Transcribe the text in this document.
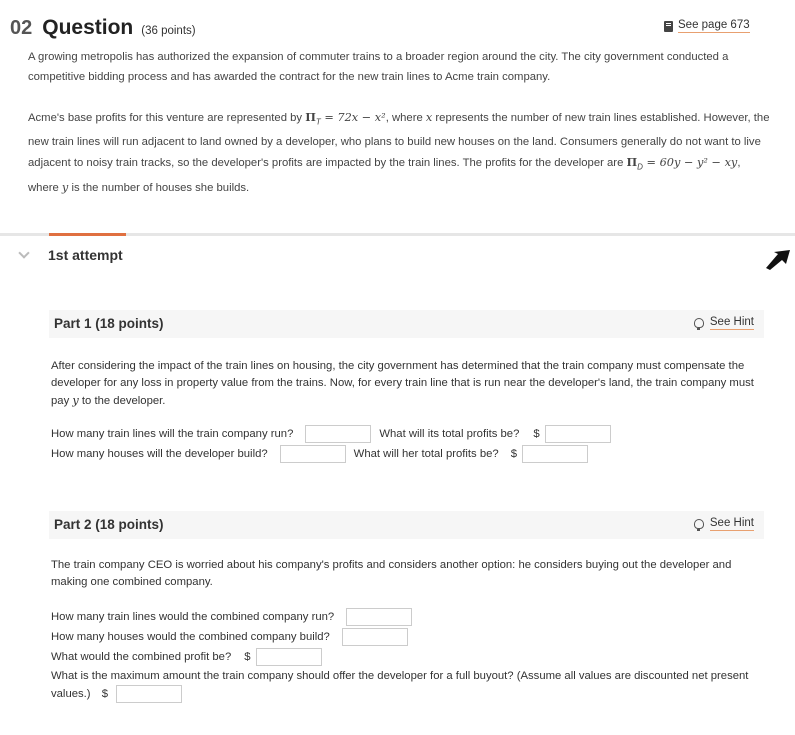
02 Question (36 points)	See page 673
A growing metropolis has authorized the expansion of commuter trains to a broader region around the city. The city government conducted a competitive bidding process and has awarded the contract for the new train lines to Acme train company.
Acme's base profits for this venture are represented by $\Pi_T = 72x - x^2$, where x represents the number of new train lines established. However, the new train lines will run adjacent to land owned by a developer, who plans to build new houses on the land. Consumers generally do not want to live adjacent to noisy train tracks, so the developer's profits are impacted by the train lines. The profits for the developer are $\Pi_D = 60y - y^2$ − xy,
where y is the number of houses she builds.
1st attempt
Part 1 (18 points)	See Hint
After considering the impact of the train lines on housing, the city government has determined that the train company must compensate the developer for any loss in property value from the trains. Now, for every train line that is run near the developer's land, the train company must pay y to the developer.
How many train lines will the train company run?	What will its total profits be? $
How many houses will the developer build?	What will her total profits be? $
Part 2 (18 points)	See Hint
The train company CEO is worried about his company's profits and considers another option: he considers buying out the developer and making one combined company.
How many train lines would the combined company run?
How many houses would the combined company build?
What would the combined profit be? $
What is the maximum amount the train company should offer the developer for a full buyout? (Assume all values are discounted net present values.) $
